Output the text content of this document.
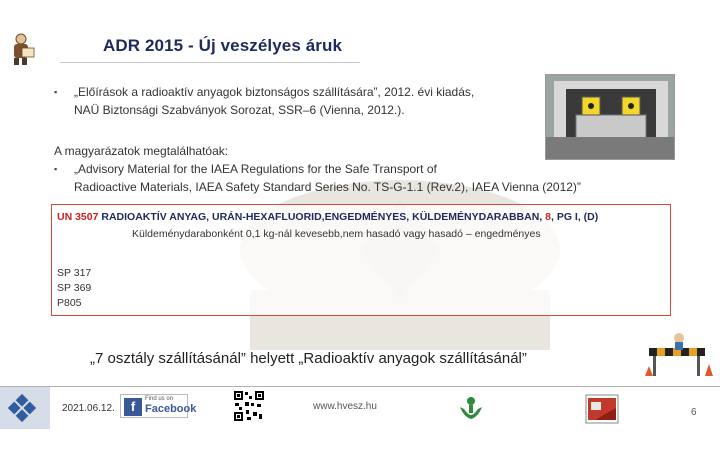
ADR 2015 - Új veszélyes áruk
▪	„Előírások a radioaktív anyagok biztonságos szállítására”, 2012. évi kiadás,
NAÜ Biztonsági Szabványok Sorozat, SSR–6 (Vienna, 2012.).
A magyarázatok megtalálhatóak:
▪	„Advisory Material for the IAEA Regulations for the Safe Transport of
Radioactive Materials, IAEA Safety Standard Series No. TS-G-1.1 (Rev.2), IAEA Vienna (2012)”
UN 3507 RADIOAKTÍV ANYAG, URÁN-HEXAFLUORID,ENGEDMÉNYES, KÜLDEMÉNYDARABBAN, 8, PG I, (D)
Küldeménydarabonként 0,1 kg-nál kevesebb,nem hasadó vagy hasadó – engedményes
SP 317
SP 369
P805
„7 osztály szállításánál” helyett „Radioaktív anyagok szállításánál”
2021.06.12.	f	Find us on
Facebook	www.hvesz.hu
6
